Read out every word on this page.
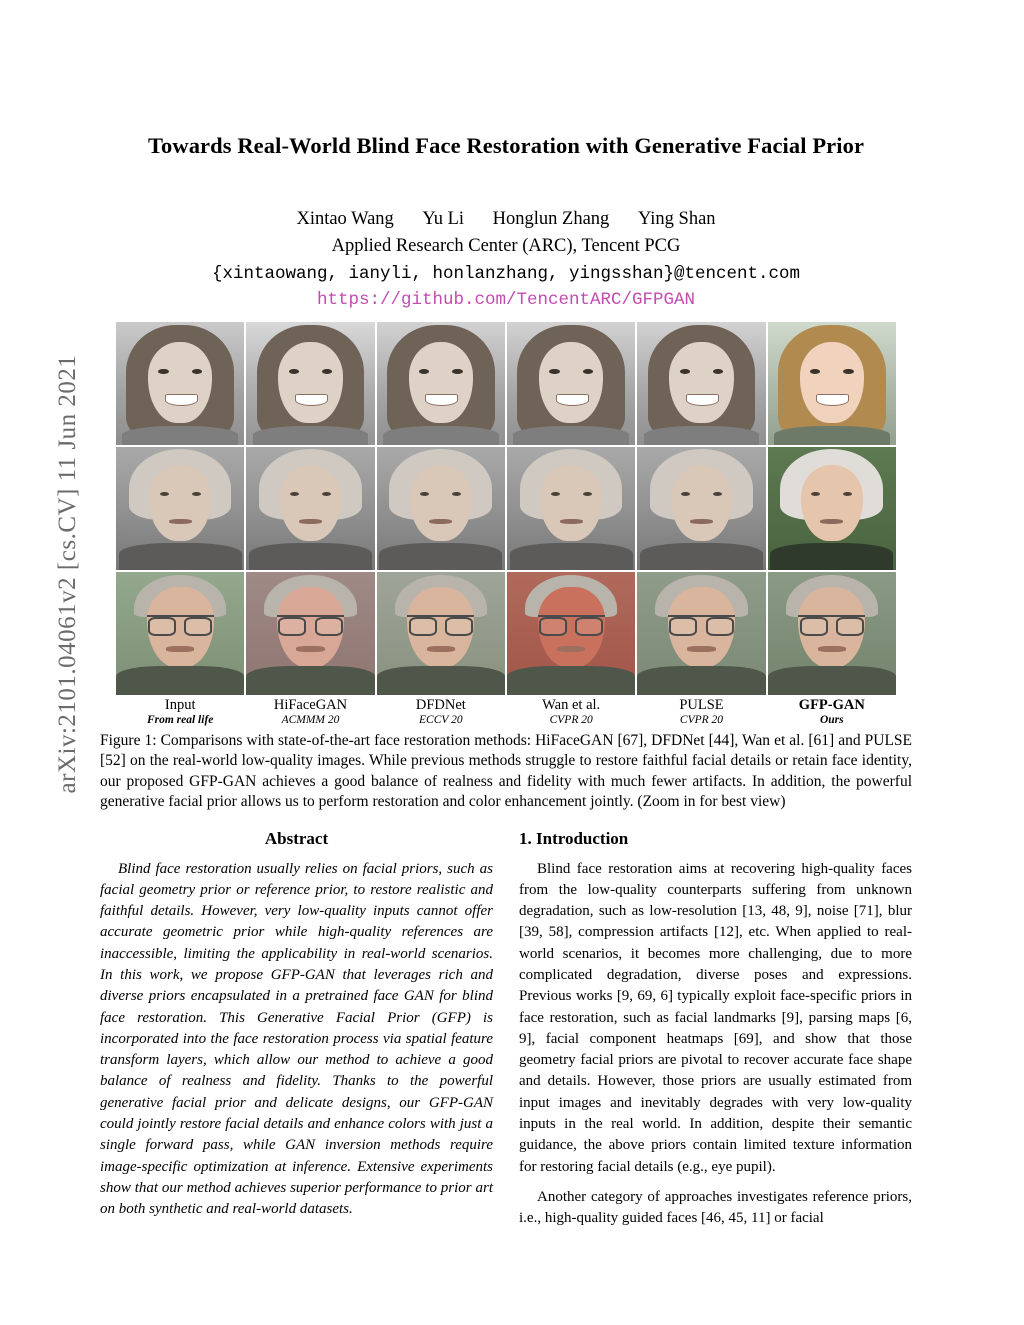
arXiv:2101.04061v2 [cs.CV] 11 Jun 2021
Towards Real-World Blind Face Restoration with Generative Facial Prior
Xintao Wang Yu Li Honglun Zhang Ying Shan
Applied Research Center (ARC), Tencent PCG
{xintaowang, ianyli, honlanzhang, yingsshan}@tencent.com
https://github.com/TencentARC/GFPGAN
Input
From real life
HiFaceGAN
ACMMM 20
DFDNet
ECCV 20
Wan et al.
CVPR 20
PULSE
CVPR 20
GFP-GAN
Ours
Figure 1: Comparisons with state-of-the-art face restoration methods: HiFaceGAN [67], DFDNet [44], Wan et al. [61] and PULSE [52] on the real-world low-quality images. While previous methods struggle to restore faithful facial details or retain face identity, our proposed GFP-GAN achieves a good balance of realness and fidelity with much fewer artifacts. In addition, the powerful generative facial prior allows us to perform restoration and color enhancement jointly. (Zoom in for best view)
Abstract
Blind face restoration usually relies on facial priors, such as facial geometry prior or reference prior, to restore realistic and faithful details. However, very low-quality inputs cannot offer accurate geometric prior while high-quality references are inaccessible, limiting the applicability in real-world scenarios. In this work, we propose GFP-GAN that leverages rich and diverse priors encapsulated in a pretrained face GAN for blind face restoration. This Generative Facial Prior (GFP) is incorporated into the face restoration process via spatial feature transform layers, which allow our method to achieve a good balance of realness and fidelity. Thanks to the powerful generative facial prior and delicate designs, our GFP-GAN could jointly restore facial details and enhance colors with just a single forward pass, while GAN inversion methods require image-specific optimization at inference. Extensive experiments show that our method achieves superior performance to prior art on both synthetic and real-world datasets.
1. Introduction
Blind face restoration aims at recovering high-quality faces from the low-quality counterparts suffering from unknown degradation, such as low-resolution [13, 48, 9], noise [71], blur [39, 58], compression artifacts [12], etc. When applied to real-world scenarios, it becomes more challenging, due to more complicated degradation, diverse poses and expressions. Previous works [9, 69, 6] typically exploit face-specific priors in face restoration, such as facial landmarks [9], parsing maps [6, 9], facial component heatmaps [69], and show that those geometry facial priors are pivotal to recover accurate face shape and details. However, those priors are usually estimated from input images and inevitably degrades with very low-quality inputs in the real world. In addition, despite their semantic guidance, the above priors contain limited texture information for restoring facial details (e.g., eye pupil).
Another category of approaches investigates reference priors, i.e., high-quality guided faces [46, 45, 11] or facial
